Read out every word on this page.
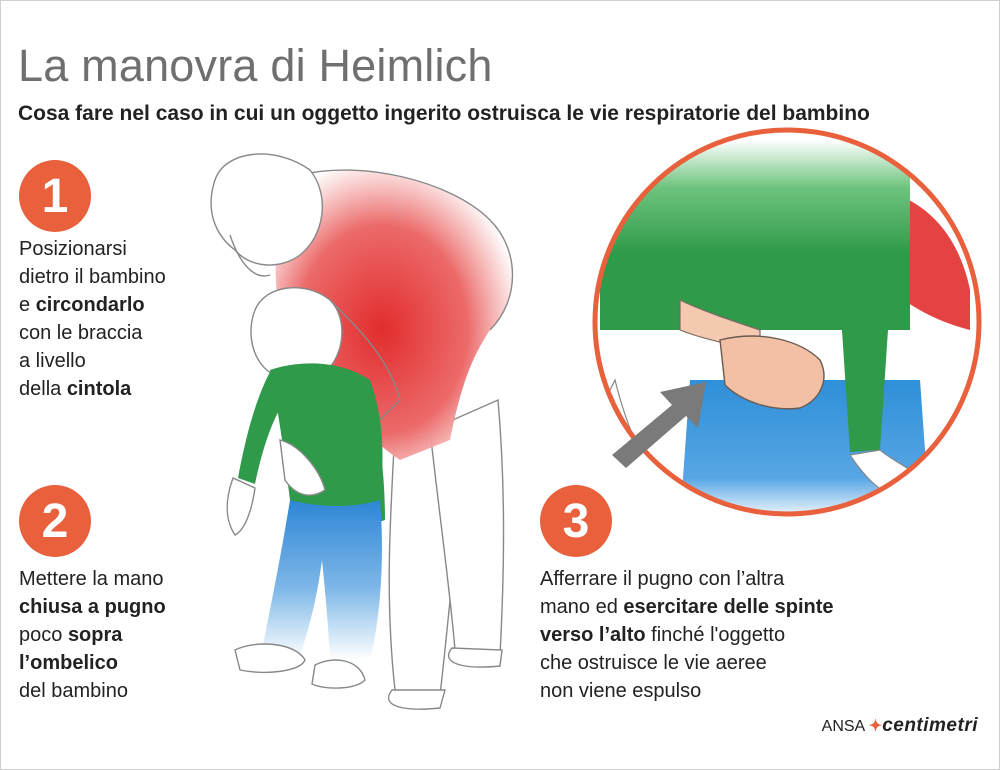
La manovra di Heimlich
Cosa fare nel caso in cui un oggetto ingerito ostruisca le vie respiratorie del bambino
1
Posizionarsi
dietro il bambino
e circondarlo
con le braccia
a livello
della cintola
2
Mettere la mano
chiusa a pugno
poco sopra
l’ombelico
del bambino
3
Afferrare il pugno con l’altra
mano ed esercitare delle spinte
verso l’alto finché l'oggetto
che ostruisce le vie aeree
non viene espulso
ANSA ✦centimetri
